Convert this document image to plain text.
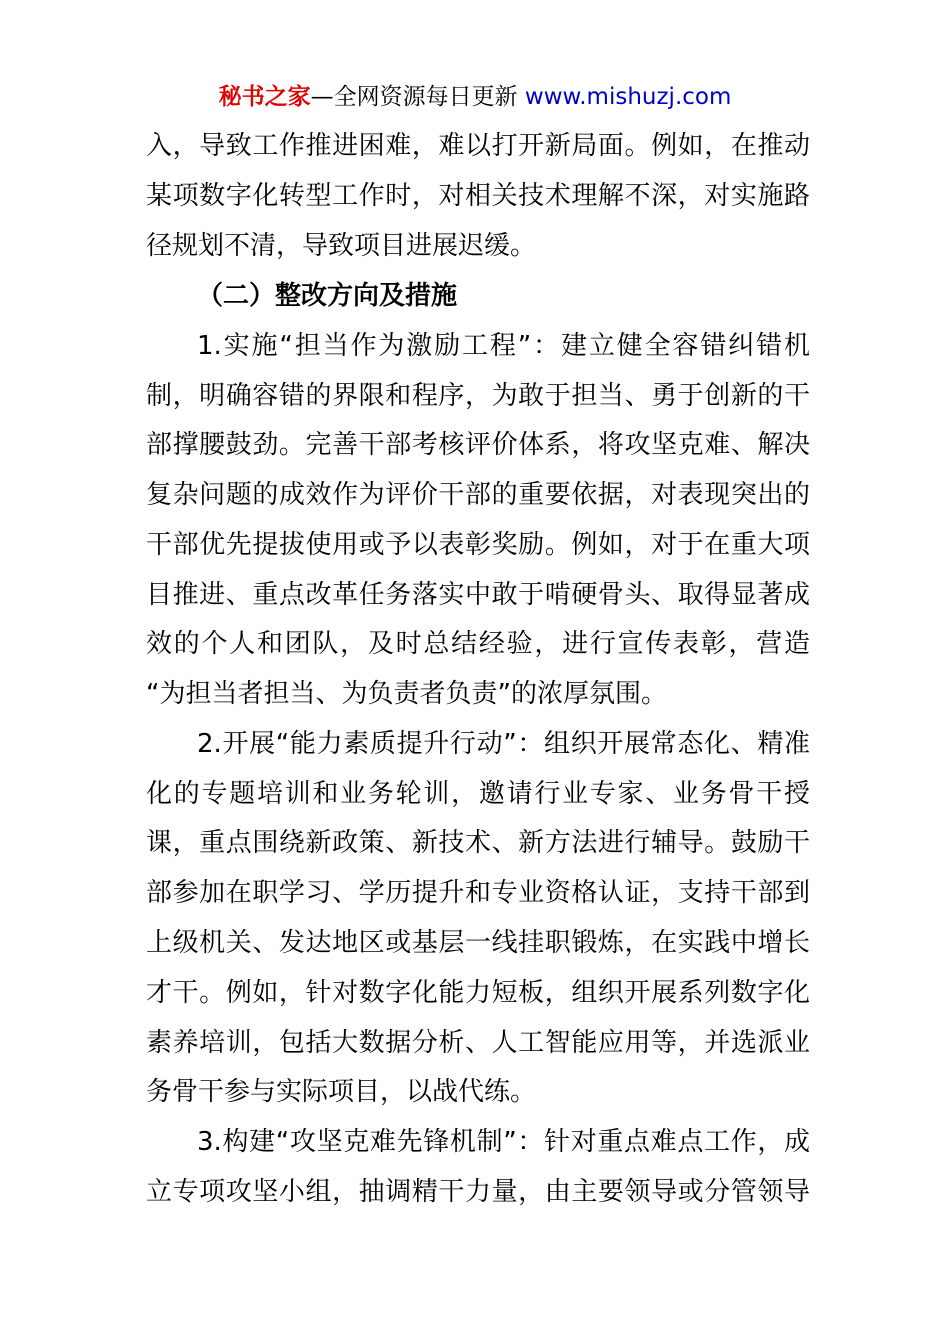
秘书之家—全网资源每日更新 www.mishuzj.com
入，导致工作推进困难，难以打开新局面。例如，在推动
某项数字化转型工作时，对相关技术理解不深，对实施路
径规划不清，导致项目进展迟缓。
（二）整改方向及措施
1.实施“担当作为激励工程”：建立健全容错纠错机
制，明确容错的界限和程序，为敢于担当、勇于创新的干
部撑腰鼓劲。完善干部考核评价体系，将攻坚克难、解决
复杂问题的成效作为评价干部的重要依据，对表现突出的
干部优先提拔使用或予以表彰奖励。例如，对于在重大项
目推进、重点改革任务落实中敢于啃硬骨头、取得显著成
效的个人和团队，及时总结经验，进行宣传表彰，营造
“为担当者担当、为负责者负责”的浓厚氛围。
2.开展“能力素质提升行动”：组织开展常态化、精准
化的专题培训和业务轮训，邀请行业专家、业务骨干授
课，重点围绕新政策、新技术、新方法进行辅导。鼓励干
部参加在职学习、学历提升和专业资格认证，支持干部到
上级机关、发达地区或基层一线挂职锻炼，在实践中增长
才干。例如，针对数字化能力短板，组织开展系列数字化
素养培训，包括大数据分析、人工智能应用等，并选派业
务骨干参与实际项目，以战代练。
3.构建“攻坚克难先锋机制”：针对重点难点工作，成
立专项攻坚小组，抽调精干力量，由主要领导或分管领导
